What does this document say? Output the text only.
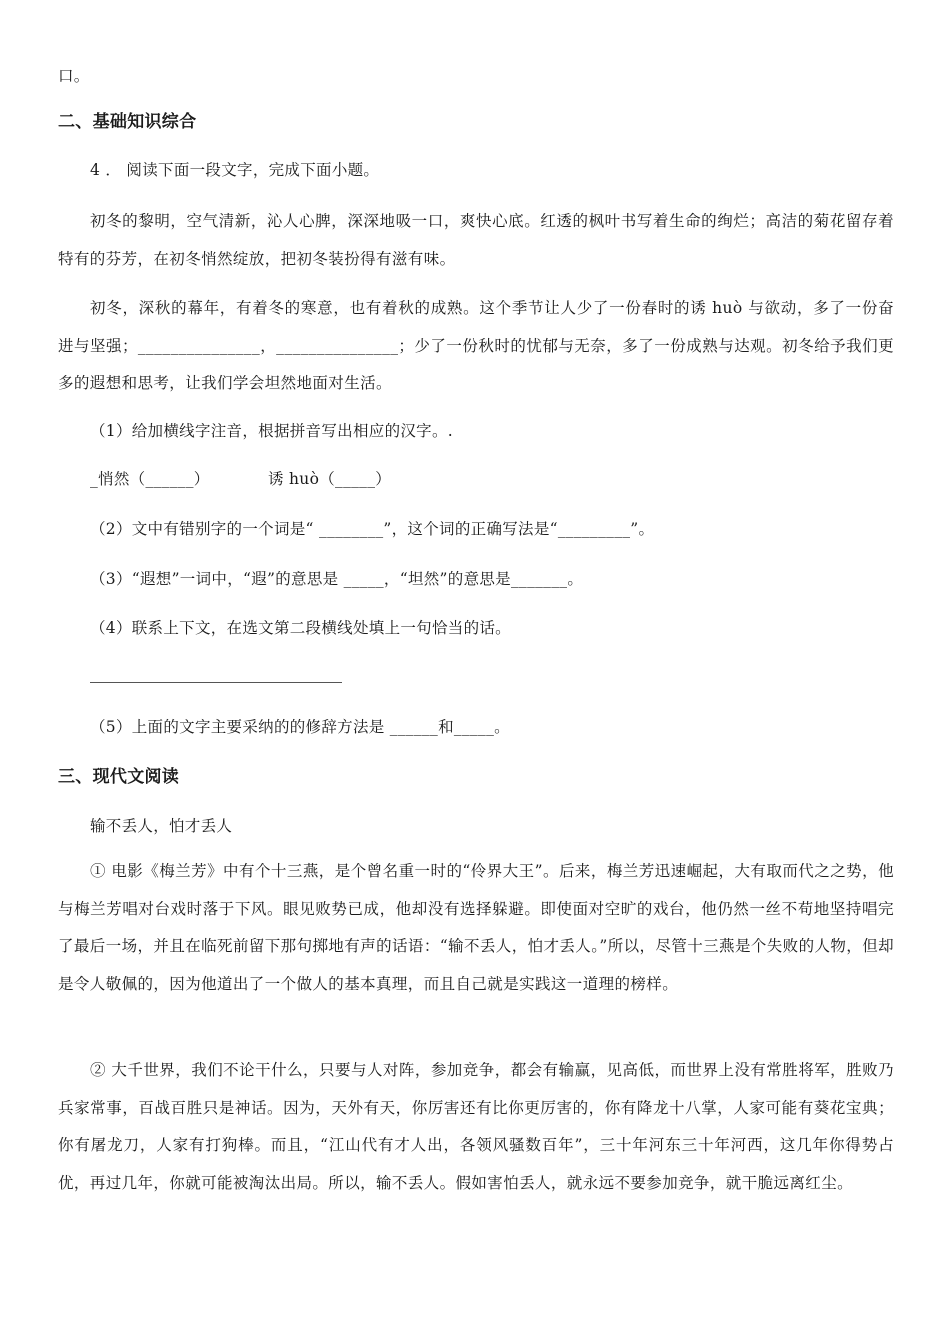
口。
二、基础知识综合
4 ． 阅读下面一段文字，完成下面小题。
初冬的黎明，空气清新，沁人心脾，深深地吸一口，爽快心底。红透的枫叶书写着生命的绚烂；高洁的菊花留存着特有的芬芳，在初冬悄然绽放，把初冬装扮得有滋有味。
初冬，深秋的幕年，有着冬的寒意，也有着秋的成熟。这个季节让人少了一份春时的诱 huò 与欲动，多了一份奋进与坚强；_______________，_______________；少了一份秋时的忧郁与无奈，多了一份成熟与达观。初冬给予我们更多的遐想和思考，让我们学会坦然地面对生活。
（1）给加横线字注音，根据拼音写出相应的汉字。.
_悄然（______）	诱 huò（_____）
（2）文中有错别字的一个词是“ ________”，这个词的正确写法是“_________”。
（3）“遐想”一词中，“遐”的意思是 _____，“坦然”的意思是_______。
（4）联系上下文，在选文第二段横线处填上一句恰当的话。
（5）上面的文字主要采纳的的修辞方法是 ______和_____。
三、现代文阅读
输不丢人，怕才丢人
① 电影《梅兰芳》中有个十三燕，是个曾名重一时的“伶界大王”。后来，梅兰芳迅速崛起，大有取而代之之势，他与梅兰芳唱对台戏时落于下风。眼见败势已成，他却没有选择躲避。即使面对空旷的戏台，他仍然一丝不苟地坚持唱完了最后一场，并且在临死前留下那句掷地有声的话语：“输不丢人，怕才丢人。”所以，尽管十三燕是个失败的人物，但却是令人敬佩的，因为他道出了一个做人的基本真理，而且自己就是实践这一道理的榜样。
② 大千世界，我们不论干什么，只要与人对阵，参加竞争，都会有输赢，见高低，而世界上没有常胜将军，胜败乃兵家常事，百战百胜只是神话。因为，天外有天，你厉害还有比你更厉害的，你有降龙十八掌，人家可能有葵花宝典；你有屠龙刀，人家有打狗棒。而且，“江山代有才人出，各领风骚数百年”，三十年河东三十年河西，这几年你得势占优，再过几年，你就可能被淘汰出局。所以，输不丢人。假如害怕丢人，就永远不要参加竞争，就干脆远离红尘。
